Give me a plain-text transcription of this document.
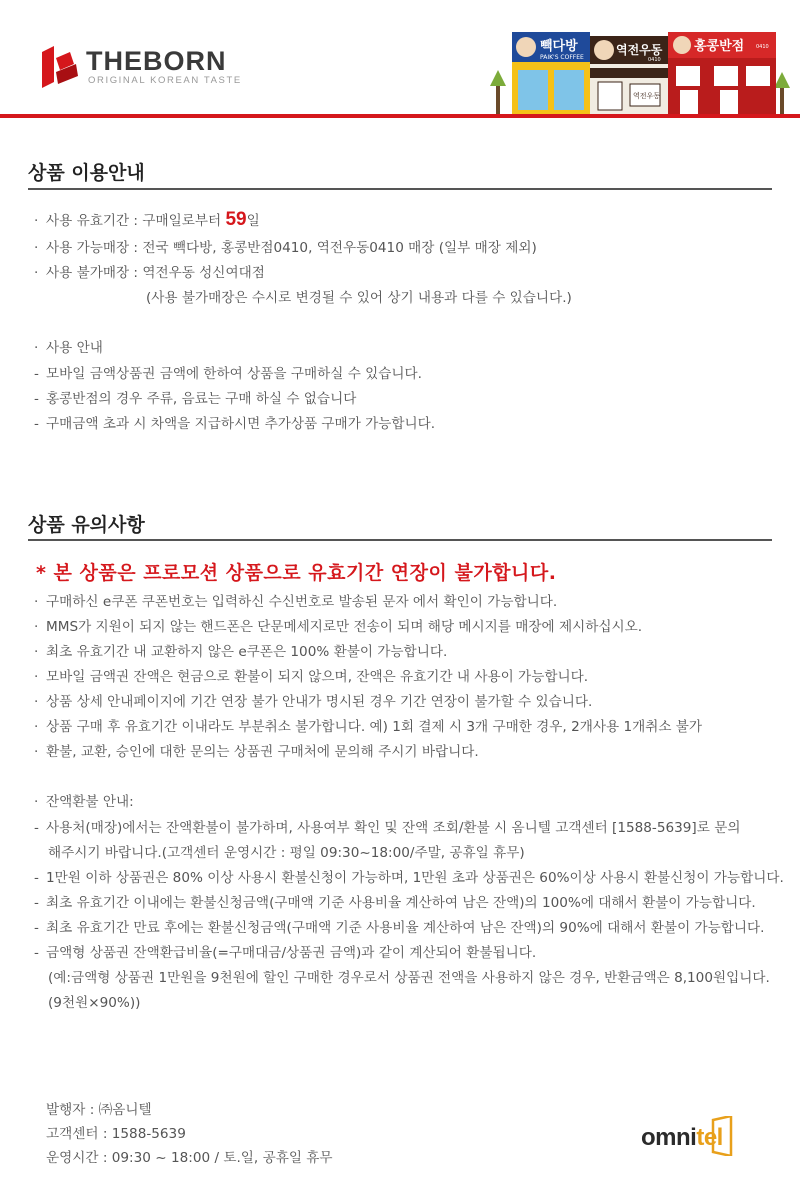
THEBORN
ORIGINAL KOREAN TASTE
빽다방
PAIK'S COFFEE
역전우동
0410
역전우동
홍콩반점 0410
상품 이용안내
· 사용 유효기간 : 구매일로부터 59일
· 사용 가능매장 : 전국 빽다방, 홍콩반점0410, 역전우동0410 매장 (일부 매장 제외)
· 사용 불가매장 : 역전우동 성신여대점
(사용 불가매장은 수시로 변경될 수 있어 상기 내용과 다를 수 있습니다.)
· 사용 안내
- 모바일 금액상품권 금액에 한하여 상품을 구매하실 수 있습니다.
- 홍콩반점의 경우 주류, 음료는 구매 하실 수 없습니다
- 구매금액 초과 시 차액을 지급하시면 추가상품 구매가 가능합니다.
상품 유의사항
* 본 상품은 프로모션 상품으로 유효기간 연장이 불가합니다.
· 구매하신 e쿠폰 쿠폰번호는 입력하신 수신번호로 발송된 문자 에서 확인이 가능합니다.
· MMS가 지원이 되지 않는 핸드폰은 단문메세지로만 전송이 되며 해당 메시지를 매장에 제시하십시오.
· 최초 유효기간 내 교환하지 않은 e쿠폰은 100% 환불이 가능합니다.
· 모바일 금액권 잔액은 현금으로 환불이 되지 않으며, 잔액은 유효기간 내 사용이 가능합니다.
· 상품 상세 안내페이지에 기간 연장 불가 안내가 명시된 경우 기간 연장이 불가할 수 있습니다.
· 상품 구매 후 유효기간 이내라도 부분취소 불가합니다. 예) 1회 결제 시 3개 구매한 경우, 2개사용 1개취소 불가
· 환불, 교환, 승인에 대한 문의는 상품권 구매처에 문의해 주시기 바랍니다.
· 잔액환불 안내:
- 사용처(매장)에서는 잔액환불이 불가하며, 사용여부 확인 및 잔액 조회/환불 시 옴니텔 고객센터 [1588-5639]로 문의
해주시기 바랍니다.(고객센터 운영시간 : 평일 09:30~18:00/주말, 공휴일 휴무)
- 1만원 이하 상품권은 80% 이상 사용시 환불신청이 가능하며, 1만원 초과 상품권은 60%이상 사용시 환불신청이 가능합니다.
- 최초 유효기간 이내에는 환불신청금액(구매액 기준 사용비율 계산하여 남은 잔액)의 100%에 대해서 환불이 가능합니다.
- 최초 유효기간 만료 후에는 환불신청금액(구매액 기준 사용비율 계산하여 남은 잔액)의 90%에 대해서 환불이 가능합니다.
- 금액형 상품권 잔액환급비율(=구매대금/상품권 금액)과 같이 계산되어 환불됩니다.
(예:금액형 상품권 1만원을 9천원에 할인 구매한 경우로서 상품권 전액을 사용하지 않은 경우, 반환금액은 8,100원입니다.
(9천원×90%))
발행자 : ㈜옴니텔
고객센터 : 1588-5639
운영시간 : 09:30 ~ 18:00 / 토.일, 공휴일 휴무
omnitel
